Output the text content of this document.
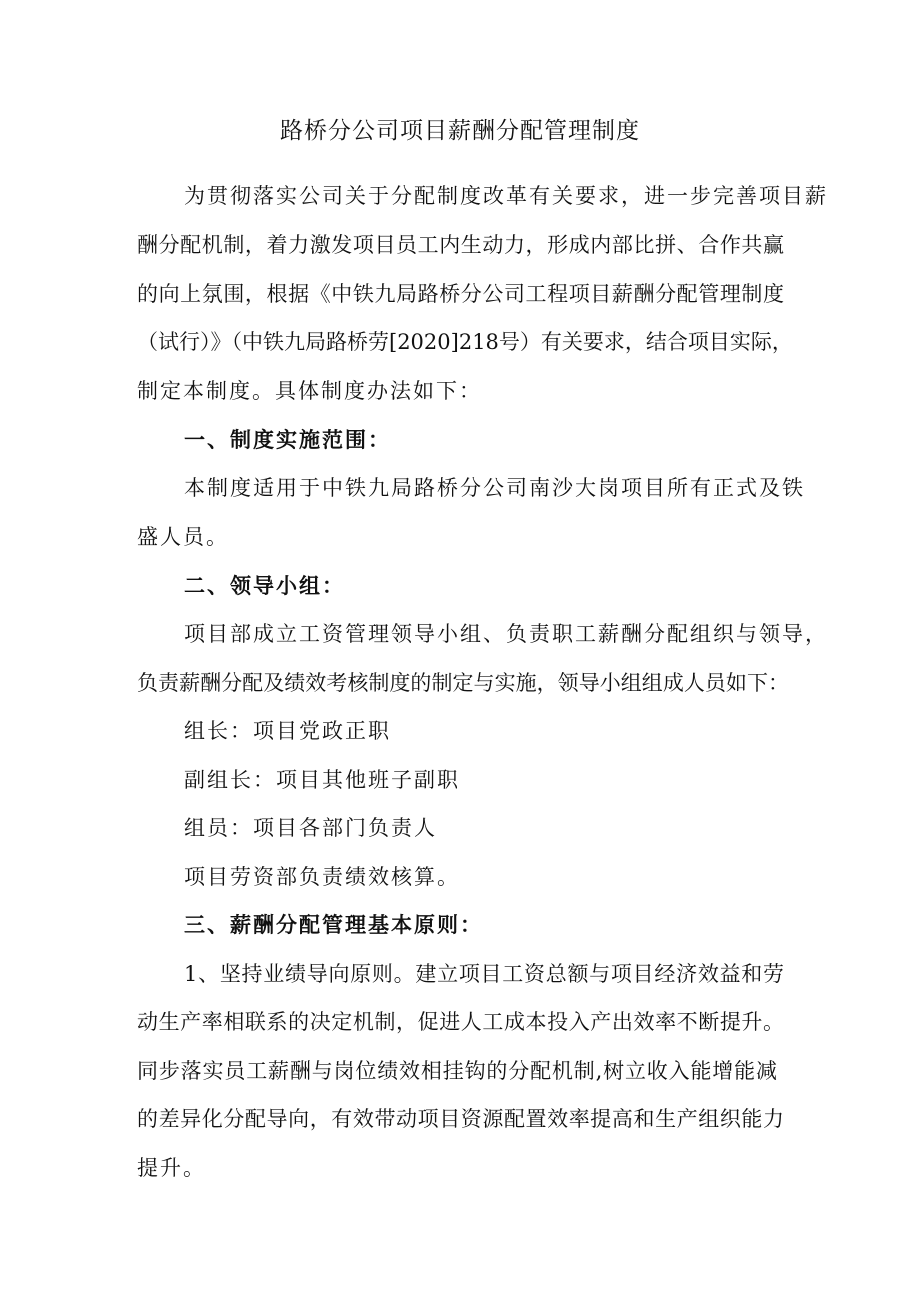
路桥分公司项目薪酬分配管理制度
为贯彻落实公司关于分配制度改革有关要求，进一步完善项目薪
酬分配机制，着力激发项目员工内生动力，形成内部比拼、合作共赢
的向上氛围，根据《中铁九局路桥分公司工程项目薪酬分配管理制度
（试行）》（中铁九局路桥劳[2020]218号）有关要求，结合项目实际，
制定本制度。具体制度办法如下：
一、制度实施范围：
本制度适用于中铁九局路桥分公司南沙大岗项目所有正式及铁
盛人员。
二、领导小组：
项目部成立工资管理领导小组、负责职工薪酬分配组织与领导，
负责薪酬分配及绩效考核制度的制定与实施，领导小组组成人员如下：
组长：项目党政正职
副组长：项目其他班子副职
组员：项目各部门负责人
项目劳资部负责绩效核算。
三、薪酬分配管理基本原则：
1、坚持业绩导向原则。建立项目工资总额与项目经济效益和劳
动生产率相联系的决定机制，促进人工成本投入产出效率不断提升。
同步落实员工薪酬与岗位绩效相挂钩的分配机制,树立收入能增能减
的差异化分配导向，有效带动项目资源配置效率提高和生产组织能力
提升。
